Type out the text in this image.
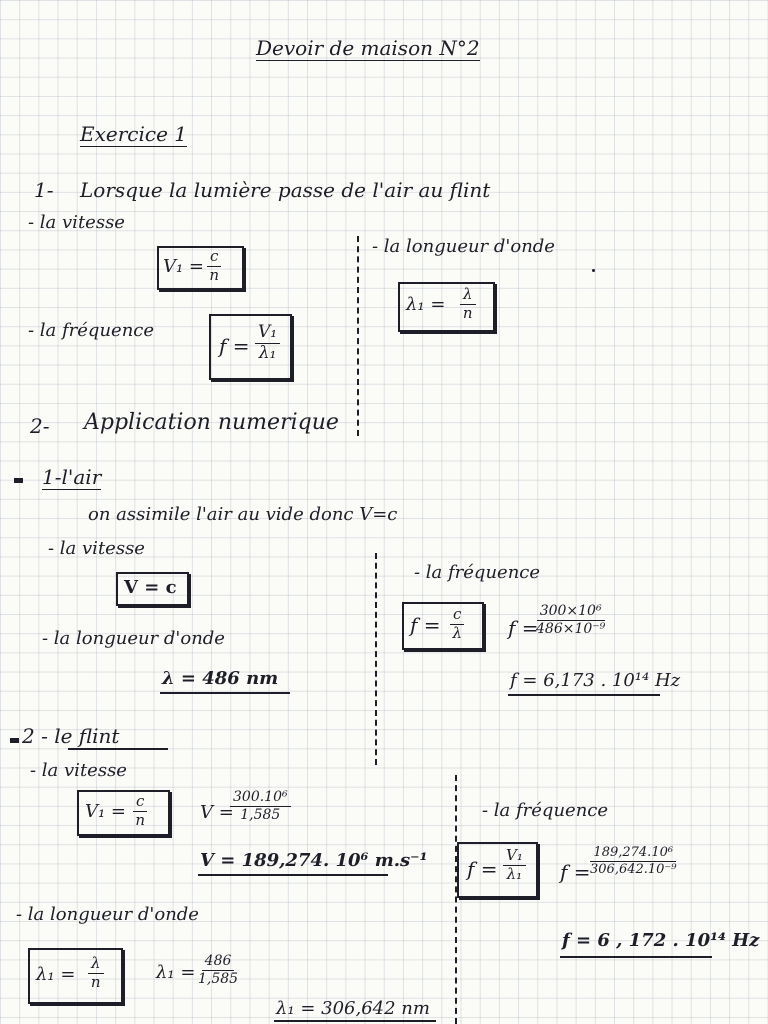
Devoir de maison N°2
Exercice 1
1- Lorsque la lumière passe de l'air au flint
- la vitesse
$V_1 = \frac{c}{n}$
- la longueur d'onde
$\lambda_1 = \frac{\lambda}{n}$
- la fréquence
$f = \frac{\text{V₁}}{\text{λ₁}}$
2- Application numerique
1-l'air
on assimile l'air au vide donc V=c
- la vitesse
V = c
- la fréquence
$f = \frac{c}{\lambda}$ f =
$\frac{\text{300×10⁶}}{\text{486×10⁻⁹}}$
- la longueur d'onde
λ = 486 nm	f = 6,173 . 10¹⁴ Hz
2 - le flint
- la vitesse
$V_1 = \frac{c}{n}$	V =
$\frac{\text{300.10⁶}}{1,585}$
V = 189,274. 10⁶ m.s⁻¹
- la fréquence
$f = \frac{\text{V₁}}{\text{λ₁}}$ $f = \frac{\text{189,274.10⁶}}{\text{306,642.10⁻⁹}}$
- la longueur d'onde
f = 6 , 172 . 10¹⁴ Hz
$\lambda_1 = \frac{\lambda}{n}$	$\lambda_1 = \frac{486}{1,585}$
λ₁ = 306,642 nm
